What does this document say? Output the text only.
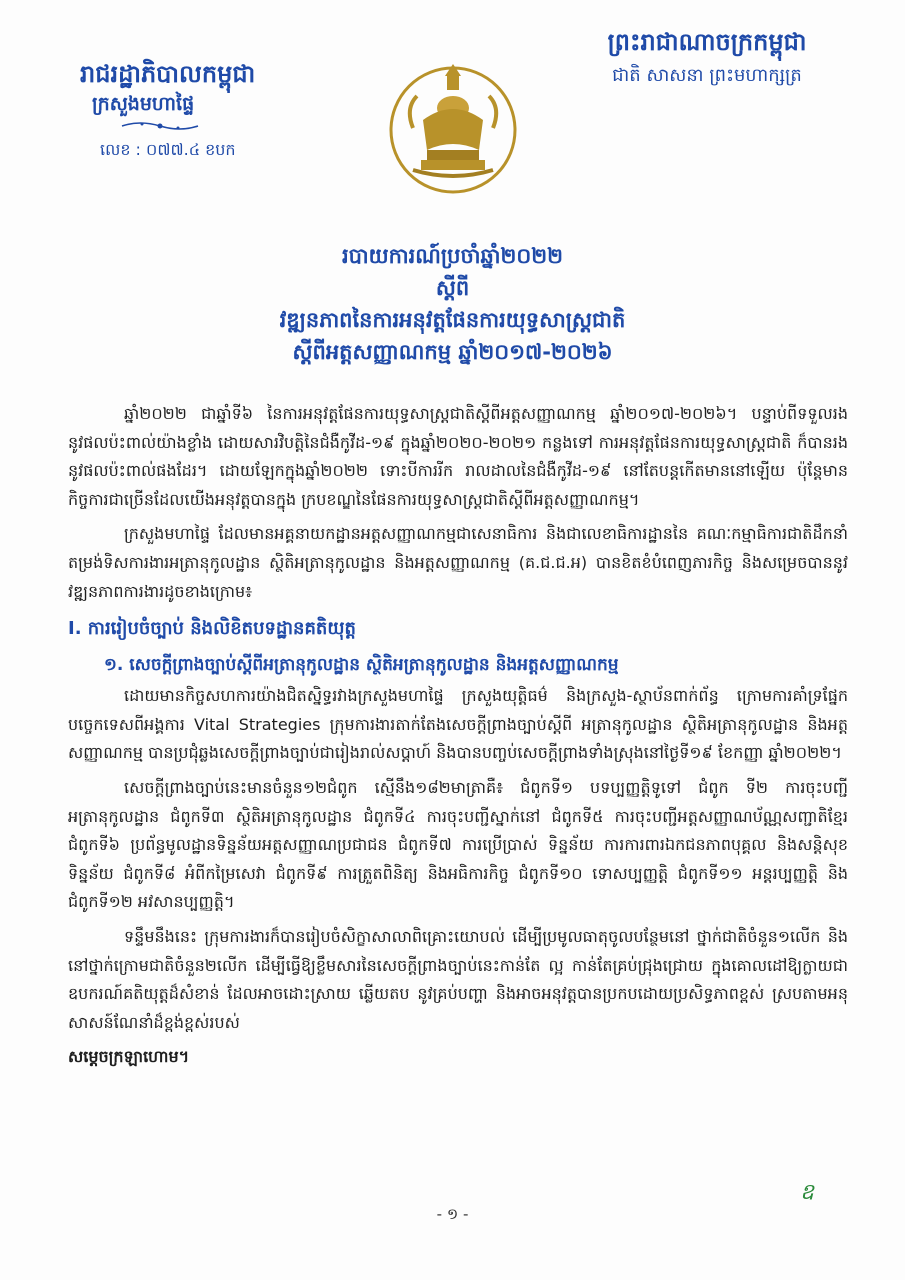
រាជរដ្ឋាភិបាលកម្ពុជា
ក្រសួងមហាផ្ទៃ
លេខ : ០៧៧.៤ ខបក
ព្រះរាជាណាចក្រកម្ពុជា
ជាតិ សាសនា ព្រះមហាក្សត្រ
របាយការណ៍ប្រចាំឆ្នាំ២០២២
ស្តីពី
វឌ្ឍនភាពនៃការអនុវត្តផែនការយុទ្ធសាស្រ្តជាតិ
ស្តីពីអត្តសញ្ញាណកម្ម ឆ្នាំ២០១៧-២០២៦

ឆ្នាំ២០២២ ជាឆ្នាំទី៦ នៃការអនុវត្តផែនការយុទ្ធសាស្រ្តជាតិស្តីពីអត្តសញ្ញាណកម្ម ឆ្នាំ២០១៧-២០២៦។ បន្ទាប់ពីទទួលរងនូវផលប៉ះពាល់យ៉ាងខ្លាំង ដោយសារវិបត្តិនៃជំងឺកូវីដ-១៩ ក្នុងឆ្នាំ២០២០-២០២១ កន្លងទៅ ការអនុវត្តផែនការយុទ្ធសាស្រ្តជាតិ ក៏បានរងនូវផលប៉ះពាល់ផងដែរ។ ដោយឡែកក្នុងឆ្នាំ២០២២ ទោះបីការរីក រាលដាលនៃជំងឺកូវីដ-១៩ នៅតែបន្តកើតមាននៅឡើយ ប៉ុន្តែមានកិច្ចការជាច្រើនដែលយើងអនុវត្តបានក្នុង ក្របខណ្ឌនៃផែនការយុទ្ធសាស្រ្តជាតិស្តីពីអត្តសញ្ញាណកម្ម។

ក្រសួងមហាផ្ទៃ ដែលមានអគ្គនាយកដ្ឋានអត្តសញ្ញាណកម្មជាសេនាធិការ និងជាលេខាធិការដ្ឋាននៃ គណៈកម្មាធិការជាតិដឹកនាំតម្រង់ទិសការងារអត្រានុកូលដ្ឋាន ស្ថិតិអត្រានុកូលដ្ឋាន និងអត្តសញ្ញាណកម្ម (គ.ជ.ជ.អ) បានខិតខំបំពេញភារកិច្ច និងសម្រេចបាននូវវឌ្ឍនភាពការងារដូចខាងក្រោម៖

I. ការរៀបចំច្បាប់ និងលិខិតបទដ្ឋានគតិយុត្ត
១. សេចក្តីព្រាងច្បាប់ស្តីពីអត្រានុកូលដ្ឋាន ស្ថិតិអត្រានុកូលដ្ឋាន និងអត្តសញ្ញាណកម្ម

ដោយមានកិច្ចសហការយ៉ាងជិតស្និទ្ធរវាងក្រសួងមហាផ្ទៃ ក្រសួងយុត្តិធម៌ និងក្រសួង-ស្ថាប័នពាក់ព័ន្ធ ក្រោមការគាំទ្រផ្នែកបច្ចេកទេសពីអង្គការ Vital Strategies ក្រុមការងារតាក់តែងសេចក្តីព្រាងច្បាប់ស្តីពី អត្រានុកូលដ្ឋាន ស្ថិតិអត្រានុកូលដ្ឋាន និងអត្តសញ្ញាណកម្ម បានប្រជុំឆ្លងសេចក្តីព្រាងច្បាប់ជារៀងរាល់សប្តាហ៍ និងបានបញ្ចប់សេចក្តីព្រាងទាំងស្រុងនៅថ្ងៃទី១៩ ខែកញ្ញា ឆ្នាំ២០២២។

សេចក្តីព្រាងច្បាប់នេះមានចំនួន១២ជំពូក ស្មើនឹង១៨២មាត្រាគឺ៖ ជំពូកទី១ បទប្បញ្ញត្តិទូទៅ ជំពូក ទី២ ការចុះបញ្ជីអត្រានុកូលដ្ឋាន ជំពូកទី៣ ស្ថិតិអត្រានុកូលដ្ឋាន ជំពូកទី៤ ការចុះបញ្ជីស្នាក់នៅ ជំពូកទី៥ ការចុះបញ្ជីអត្តសញ្ញាណប័ណ្ណសញ្ជាតិខ្មែរ ជំពូកទី៦ ប្រព័ន្ធមូលដ្ឋានទិន្នន័យអត្តសញ្ញាណប្រជាជន ជំពូកទី៧ ការប្រើប្រាស់ ទិន្នន័យ ការការពារឯកជនភាពបុគ្គល និងសន្តិសុខទិន្នន័យ ជំពូកទី៨ អំពីកម្រៃសេវា ជំពូកទី៩ ការត្រួតពិនិត្យ និងអធិការកិច្ច ជំពូកទី១០ ទោសប្បញ្ញត្តិ ជំពូកទី១១ អន្តរប្បញ្ញត្តិ និងជំពូកទី១២ អវសានប្បញ្ញត្តិ។

ទន្ទឹមនឹងនេះ ក្រុមការងារក៏បានរៀបចំសិក្ខាសាលាពិគ្រោះយោបល់ ដើម្បីប្រមូលធាតុចូលបន្ថែមនៅ ថ្នាក់ជាតិចំនួន១លើក និងនៅថ្នាក់ក្រោមជាតិចំនួន២លើក ដើម្បីធ្វើឱ្យខ្លឹមសារនៃសេចក្តីព្រាងច្បាប់នេះកាន់តែ ល្អ កាន់តែគ្រប់ជ្រុងជ្រោយ ក្នុងគោលដៅឱ្យក្លាយជាឧបករណ៍គតិយុត្តដ៏សំខាន់ ដែលអាចដោះស្រាយ ឆ្លើយតប នូវគ្រប់បញ្ហា និងអាចអនុវត្តបានប្រកបដោយប្រសិទ្ធភាពខ្ពស់ ស្របតាមអនុសាសន៍ណែនាំដ៏ខ្ពង់ខ្ពស់របស់

សម្តេចក្រឡាហោម។
ឧ
- ១ -
